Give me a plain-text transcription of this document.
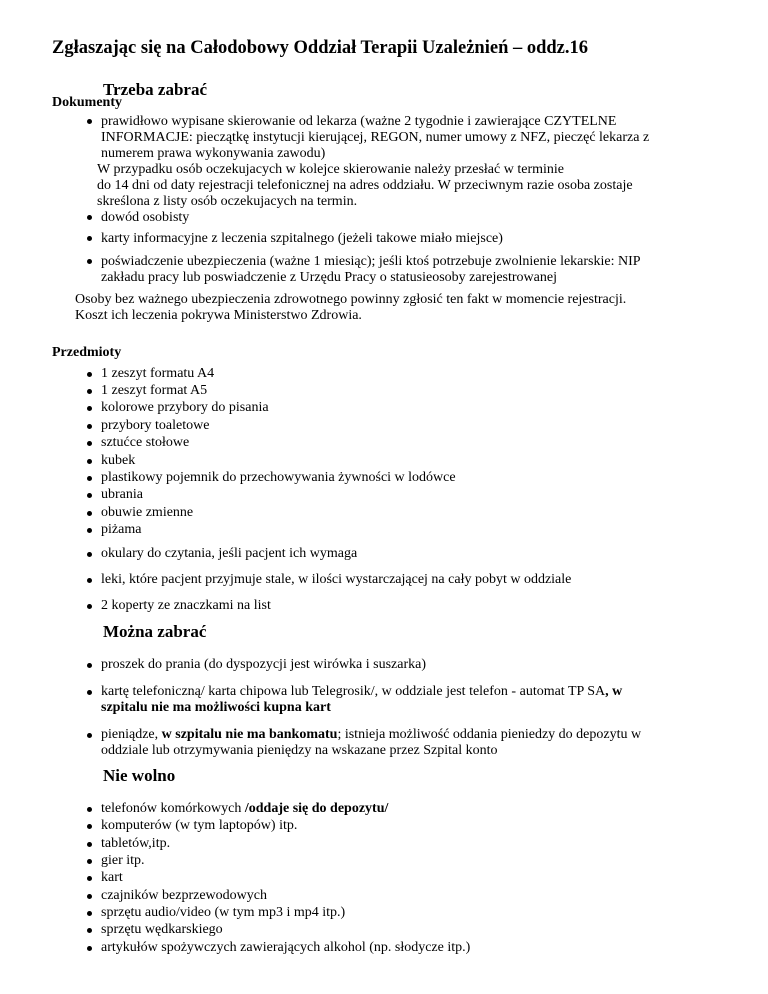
Zgłaszając się na Całodobowy Oddział Terapii Uzależnień – oddz.16
Trzeba zabrać
Dokumenty
prawidłowo wypisane skierowanie od lekarza (ważne 2 tygodnie i zawierające CZYTELNE
INFORMACJE: pieczątkę instytucji kierującej, REGON, numer umowy z NFZ, pieczęć lekarza z
numerem prawa wykonywania zawodu)
W przypadku osób oczekujacych w kolejce skierowanie należy przesłać w terminie
do 14 dni od daty rejestracji telefonicznej na adres oddziału. W przeciwnym razie osoba zostaje
skreślona z listy osób oczekujacych na termin.
dowód osobisty
karty informacyjne z leczenia szpitalnego (jeżeli takowe miało miejsce)
poświadczenie ubezpieczenia (ważne 1 miesiąc); jeśli ktoś potrzebuje zwolnienie lekarskie: NIP
zakładu pracy lub poswiadczenie z Urzędu Pracy o statusieosoby zarejestrowanej
Osoby bez ważnego ubezpieczenia zdrowotnego powinny zgłosić ten fakt w momencie rejestracji.
Koszt ich leczenia pokrywa Ministerstwo Zdrowia.
Przedmioty
1 zeszyt formatu A4
1 zeszyt format A5
kolorowe przybory do pisania
przybory toaletowe
sztućce stołowe
kubek
plastikowy pojemnik do przechowywania żywności w lodówce
ubrania
obuwie zmienne
piżama
okulary do czytania, jeśli pacjent ich wymaga
leki, które pacjent przyjmuje stale, w ilości wystarczającej na cały pobyt w oddziale
2 koperty ze znaczkami na list
Można zabrać
proszek do prania (do dyspozycji jest wirówka i suszarka)
kartę telefoniczną/ karta chipowa lub Telegrosik/, w oddziale jest telefon - automat TP SA, w
szpitalu nie ma możliwości kupna kart
pieniądze, w szpitalu nie ma bankomatu; istnieja możliwość oddania pieniedzy do depozytu w
oddziale lub otrzymywania pieniędzy na wskazane przez Szpital konto
Nie wolno
telefonów komórkowych /oddaje się do depozytu/
komputerów (w tym laptopów) itp.
tabletów,itp.
gier itp.
kart
czajników bezprzewodowych
sprzętu audio/video (w tym mp3 i mp4 itp.)
sprzętu wędkarskiego
artykułów spożywczych zawierających alkohol (np. słodycze itp.)
